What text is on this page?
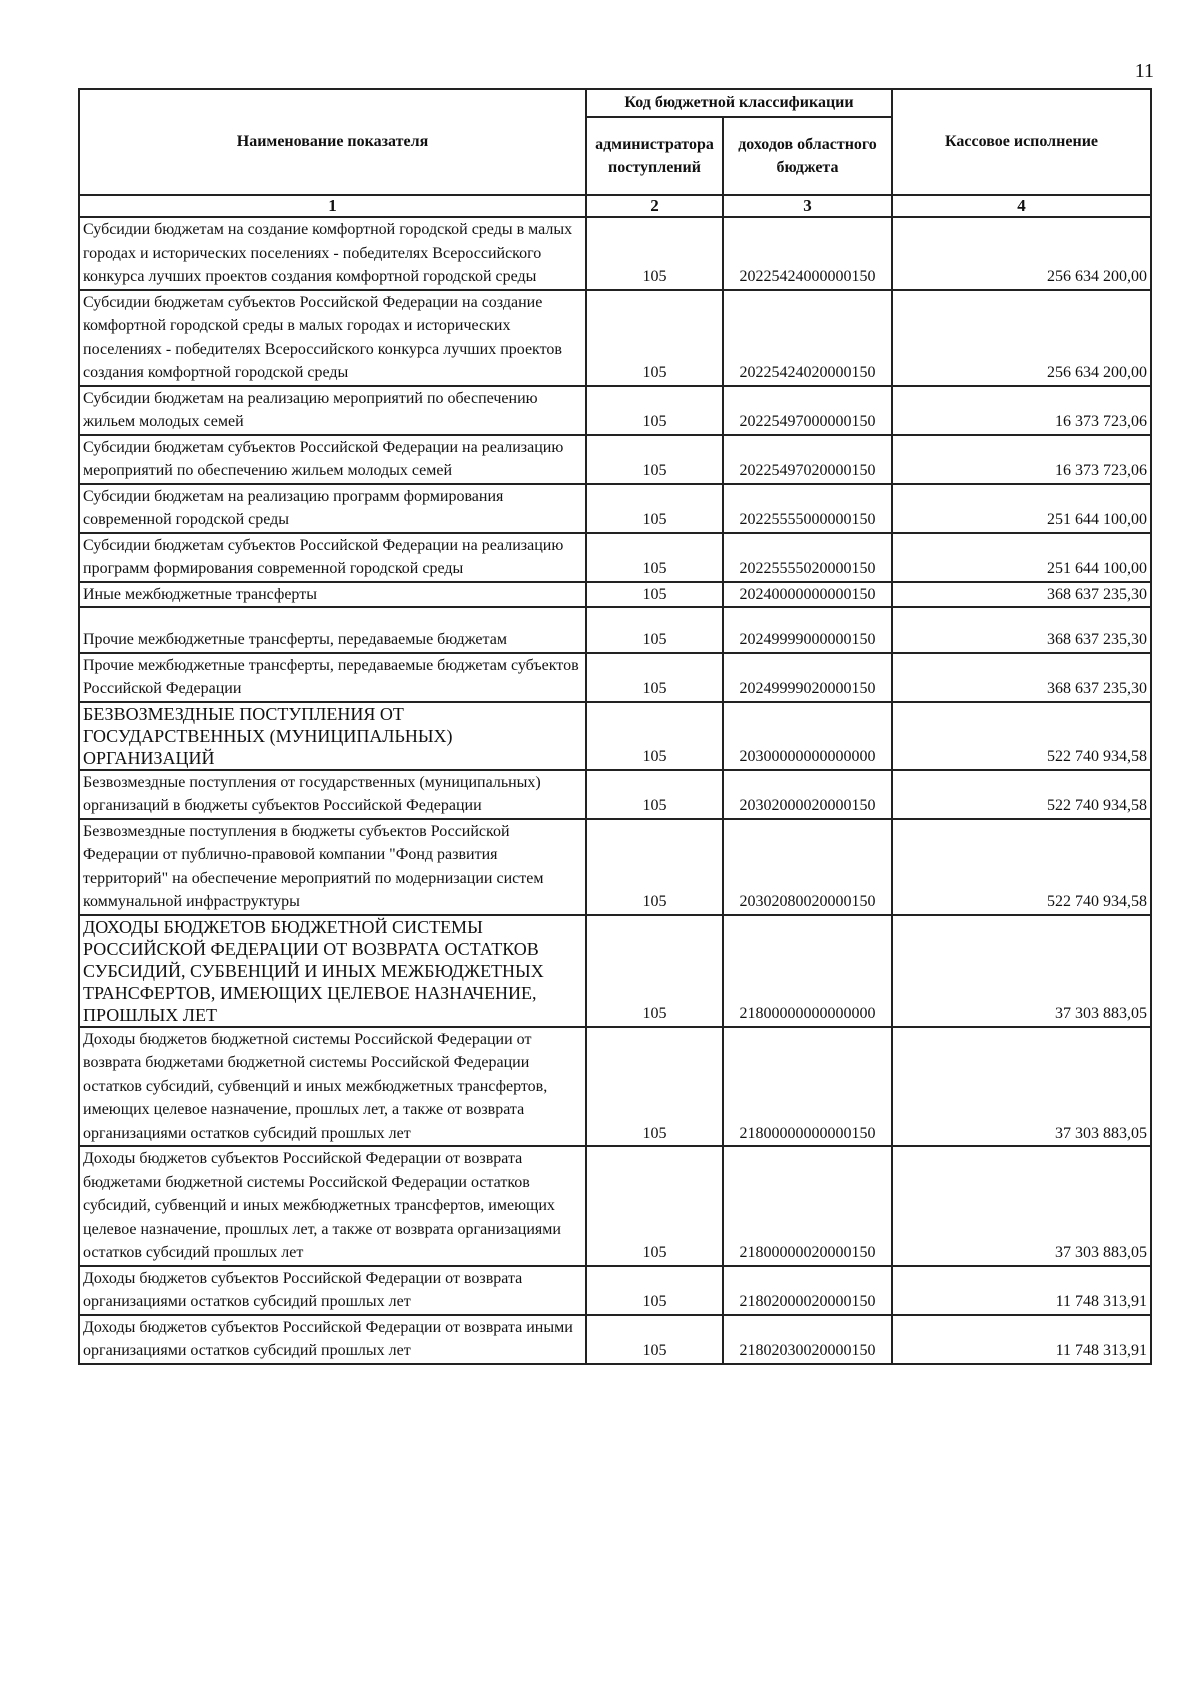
11
Наименование показателя	Код бюджетной классификации		Кассовое исполнение
	администратора поступлений	доходов областного бюджета	
1	2	3	4
Субсидии бюджетам на создание комфортной городской среды в малых городах и исторических поселениях - победителях Всероссийского конкурса лучших проектов создания комфортной городской среды	105	20225424000000150	256 634 200,00
Субсидии бюджетам субъектов Российской Федерации на создание комфортной городской среды в малых городах и исторических поселениях - победителях Всероссийского конкурса лучших проектов создания комфортной городской среды	105	20225424020000150	256 634 200,00
Субсидии бюджетам на реализацию мероприятий по обеспечению жильем молодых семей	105	20225497000000150	16 373 723,06
Субсидии бюджетам субъектов Российской Федерации на реализацию мероприятий по обеспечению жильем молодых семей	105	20225497020000150	16 373 723,06
Субсидии бюджетам на реализацию программ формирования современной городской среды	105	20225555000000150	251 644 100,00
Субсидии бюджетам субъектов Российской Федерации на реализацию программ формирования современной городской среды	105	20225555020000150	251 644 100,00
Иные межбюджетные трансферты	105	20240000000000150	368 637 235,30
Прочие межбюджетные трансферты, передаваемые бюджетам	105	20249999000000150	368 637 235,30
Прочие межбюджетные трансферты, передаваемые бюджетам субъектов Российской Федерации	105	20249999020000150	368 637 235,30
БЕЗВОЗМЕЗДНЫЕ ПОСТУПЛЕНИЯ ОТ ГОСУДАРСТВЕННЫХ (МУНИЦИПАЛЬНЫХ) ОРГАНИЗАЦИЙ	105	20300000000000000	522 740 934,58
Безвозмездные поступления от государственных (муниципальных) организаций в бюджеты субъектов Российской Федерации	105	20302000020000150	522 740 934,58
Безвозмездные поступления в бюджеты субъектов Российской Федерации от публично-правовой компании "Фонд развития территорий" на обеспечение мероприятий по модернизации систем коммунальной инфраструктуры	105	20302080020000150	522 740 934,58
ДОХОДЫ БЮДЖЕТОВ БЮДЖЕТНОЙ СИСТЕМЫ РОССИЙСКОЙ ФЕДЕРАЦИИ ОТ ВОЗВРАТА ОСТАТКОВ СУБСИДИЙ, СУБВЕНЦИЙ И ИНЫХ МЕЖБЮДЖЕТНЫХ ТРАНСФЕРТОВ, ИМЕЮЩИХ ЦЕЛЕВОЕ НАЗНАЧЕНИЕ, ПРОШЛЫХ ЛЕТ	105	21800000000000000	37 303 883,05
Доходы бюджетов бюджетной системы Российской Федерации от возврата бюджетами бюджетной системы Российской Федерации остатков субсидий, субвенций и иных межбюджетных трансфертов, имеющих целевое назначение, прошлых лет, а также от возврата организациями остатков субсидий прошлых лет	105	21800000000000150	37 303 883,05
Доходы бюджетов субъектов Российской Федерации от возврата бюджетами бюджетной системы Российской Федерации остатков субсидий, субвенций и иных межбюджетных трансфертов, имеющих целевое назначение, прошлых лет, а также от возврата организациями остатков субсидий прошлых лет	105	21800000020000150	37 303 883,05
Доходы бюджетов субъектов Российской Федерации от возврата организациями остатков субсидий прошлых лет	105	21802000020000150	11 748 313,91
Доходы бюджетов субъектов Российской Федерации от возврата иными организациями остатков субсидий прошлых лет	105	21802030020000150	11 748 313,91
